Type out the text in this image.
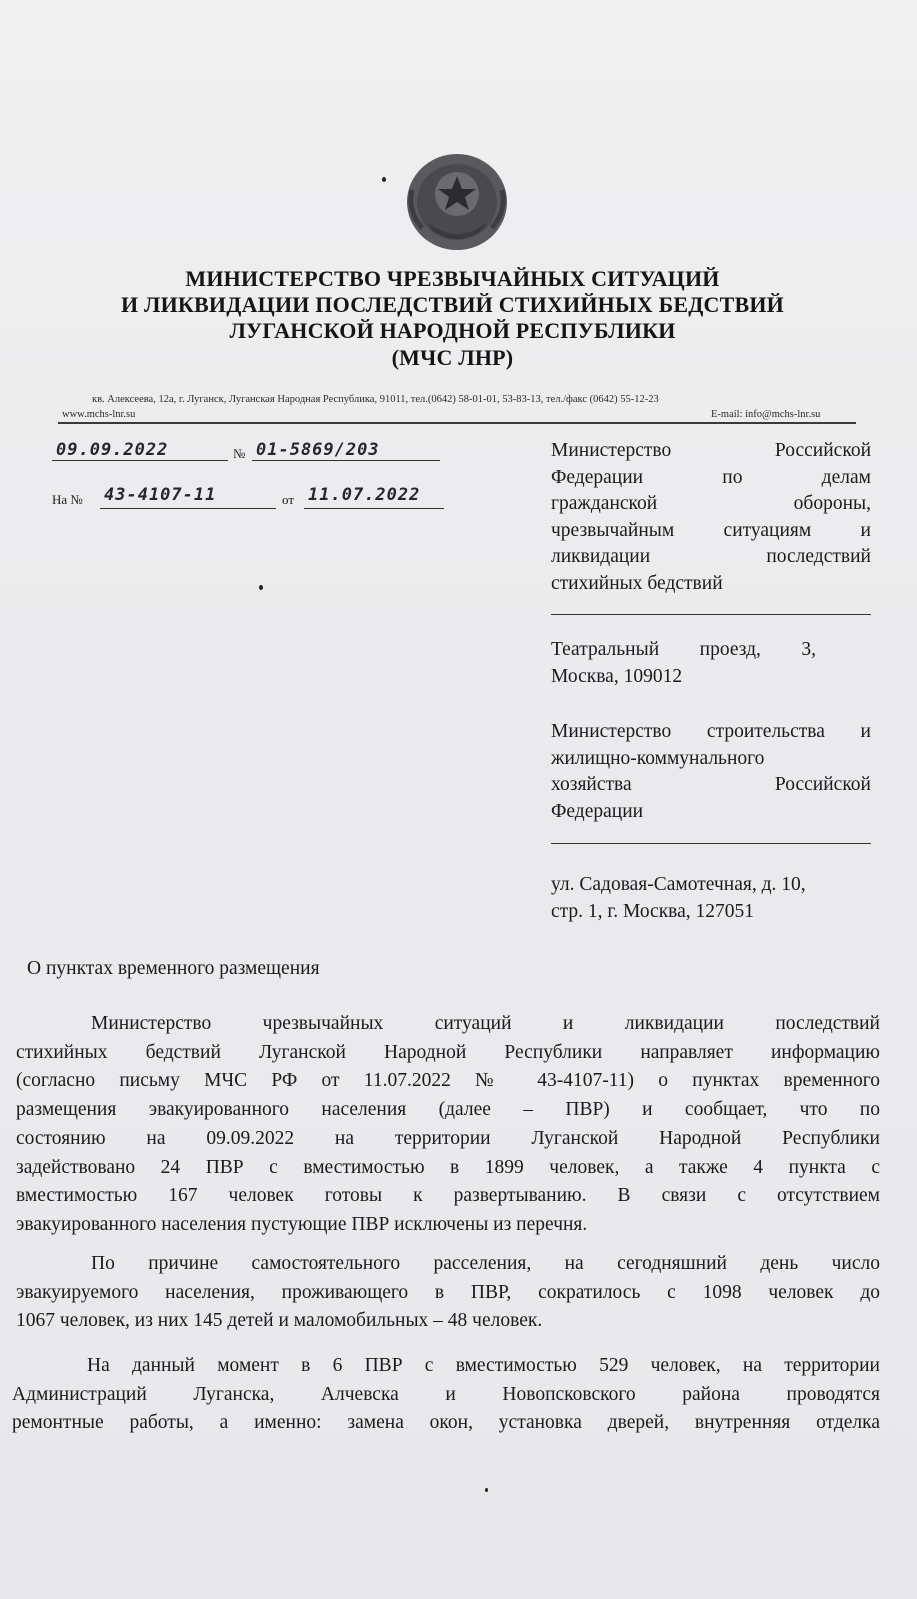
МИНИСТЕРСТВО ЧРЕЗВЫЧАЙНЫХ СИТУАЦИЙ
И ЛИКВИДАЦИИ ПОСЛЕДСТВИЙ СТИХИЙНЫХ БЕДСТВИЙ
ЛУГАНСКОЙ НАРОДНОЙ РЕСПУБЛИКИ
(МЧС ЛНР)
кв. Алексеева, 12а, г. Луганск, Луганская Народная Республика, 91011, тел.(0642) 58-01-01, 53-83-13, тел./факс (0642) 55-12-23
www.mchs-lnr.su	E-mail: info@mchs-lnr.su
09.09.2022	№ 01-5869/203
На № 43-4107-11	от 11.07.2022
Министерство Российской
Федерации по делам
гражданской обороны,
чрезвычайным ситуациям и
ликвидации последствий
стихийных бедствий
Театральный проезд, 3,
Москва, 109012
Министерство строительства и
жилищно-коммунального
хозяйства Российской
Федерации
ул. Садовая-Самотечная, д. 10,
стр. 1, г. Москва, 127051
О пунктах временного размещения
Министерство чрезвычайных ситуаций и ликвидации последствий
стихийных бедствий Луганской Народной Республики направляет информацию
(согласно письму МЧС РФ от 11.07.2022 № 43-4107-11) о пунктах временного
размещения эвакуированного населения (далее – ПВР) и сообщает, что по
состоянию на 09.09.2022 на территории Луганской Народной Республики
задействовано 24 ПВР с вместимостью в 1899 человек, а также 4 пункта с
вместимостью 167 человек готовы к развертыванию. В связи с отсутствием
эвакуированного населения пустующие ПВР исключены из перечня.
По причине самостоятельного расселения, на сегодняшний день число
эвакуируемого населения, проживающего в ПВР, сократилось с 1098 человек до
1067 человек, из них 145 детей и маломобильных – 48 человек.
На данный момент в 6 ПВР с вместимостью 529 человек, на территории
Администраций Луганска, Алчевска и Новопсковского района проводятся
ремонтные работы, а именно: замена окон, установка дверей, внутренняя отделка
